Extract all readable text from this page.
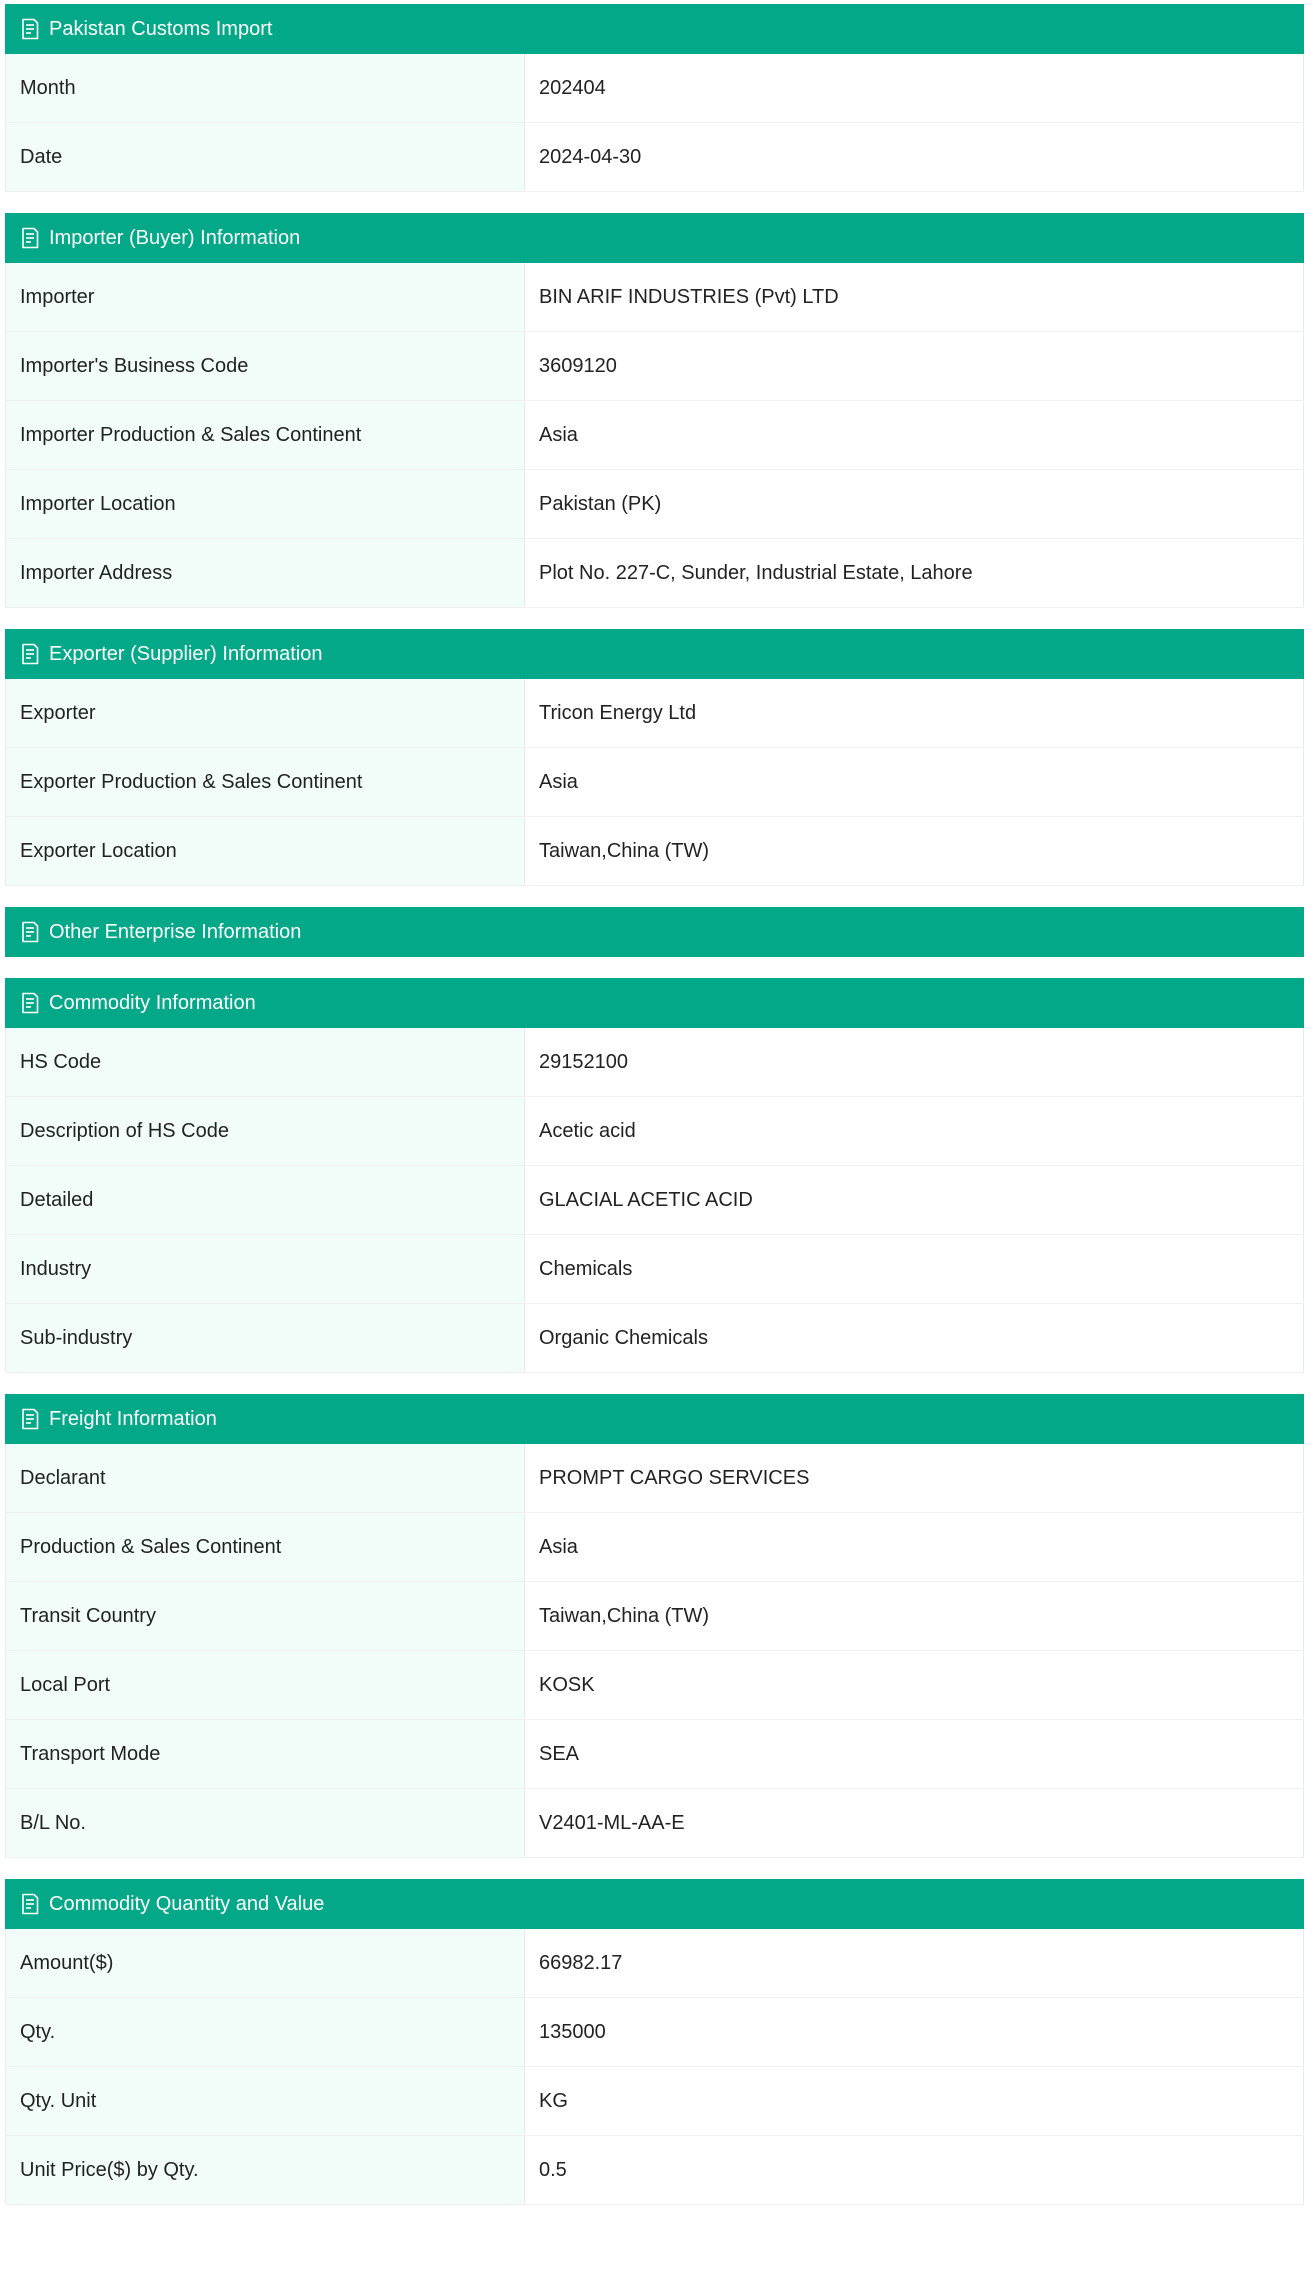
Pakistan Customs Import
Month	202404
Date	2024-04-30
Importer (Buyer) Information
Importer	BIN ARIF INDUSTRIES (Pvt) LTD
Importer's Business Code	3609120
Importer Production & Sales Continent	Asia
Importer Location	Pakistan (PK)
Importer Address	Plot No. 227-C, Sunder, Industrial Estate, Lahore
Exporter (Supplier) Information
Exporter	Tricon Energy Ltd
Exporter Production & Sales Continent	Asia
Exporter Location	Taiwan,China (TW)
Other Enterprise Information
Commodity Information
HS Code	29152100
Description of HS Code	Acetic acid
Detailed	GLACIAL ACETIC ACID
Industry	Chemicals
Sub-industry	Organic Chemicals
Freight Information
Declarant	PROMPT CARGO SERVICES
Production & Sales Continent	Asia
Transit Country	Taiwan,China (TW)
Local Port	KOSK
Transport Mode	SEA
B/L No.	V2401-ML-AA-E
Commodity Quantity and Value
Amount($)	66982.17
Qty.	135000
Qty. Unit	KG
Unit Price($) by Qty.	0.5
